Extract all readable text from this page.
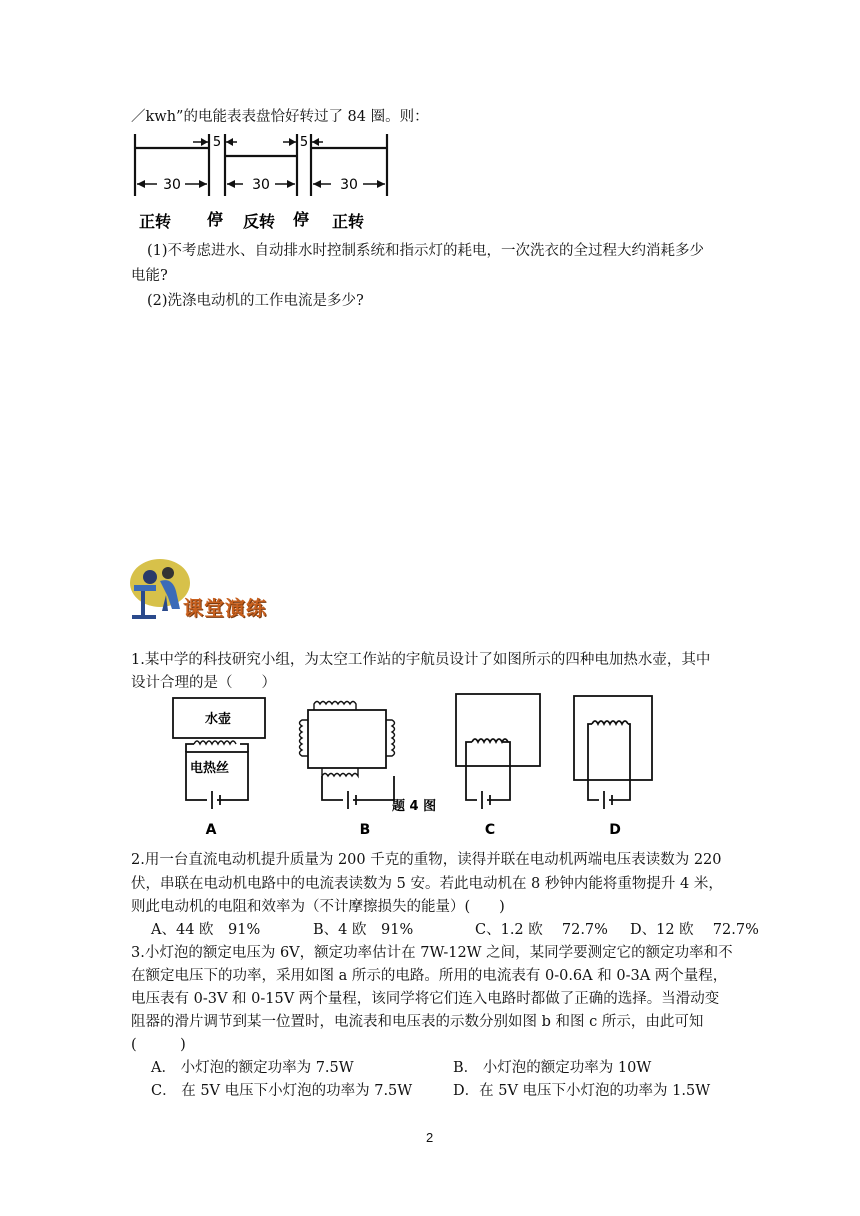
／kwh”的电能表表盘恰好转过了 84 圈。则：
5	5
30	30	30
正转 停 反转 停 正转
(1)不考虑进水、自动排水时控制系统和指示灯的耗电，一次洗衣的全过程大约消耗多少
电能?
(2)洗涤电动机的工作电流是多少?
课堂演练
1.某中学的科技研究小组，为太空工作站的宇航员设计了如图所示的四种电加热水壶，其中
设计合理的是（　　）
水壶
电热丝
题 4 图
A	B	C	D
2.用一台直流电动机提升质量为 200 千克的重物，读得并联在电动机两端电压表读数为 220
伏，串联在电动机电路中的电流表读数为 5 安。若此电动机在 8 秒钟内能将重物提升 4 米，
则此电动机的电阻和效率为（不计摩擦损失的能量）(　　)
A、44 欧　91%	B、4 欧　91%	C、1.2 欧　 72.7% D、12 欧　 72.7%
3.小灯泡的额定电压为 6V，额定功率估计在 7W-12W 之间，某同学要测定它的额定功率和不
在额定电压下的功率，采用如图 a 所示的电路。所用的电流表有 0-0.6A 和 0-3A 两个量程，
电压表有 0-3V 和 0-15V 两个量程，该同学将它们连入电路时都做了正确的选择。当滑动变
阻器的滑片调节到某一位置时，电流表和电压表的示数分别如图 b 和图 c 所示，由此可知
(　　　)
A． 小灯泡的额定功率为 7.5W	B． 小灯泡的额定功率为 10W
C． 在 5V 电压下小灯泡的功率为 7.5W	D．在 5V 电压下小灯泡的功率为 1.5W
2
